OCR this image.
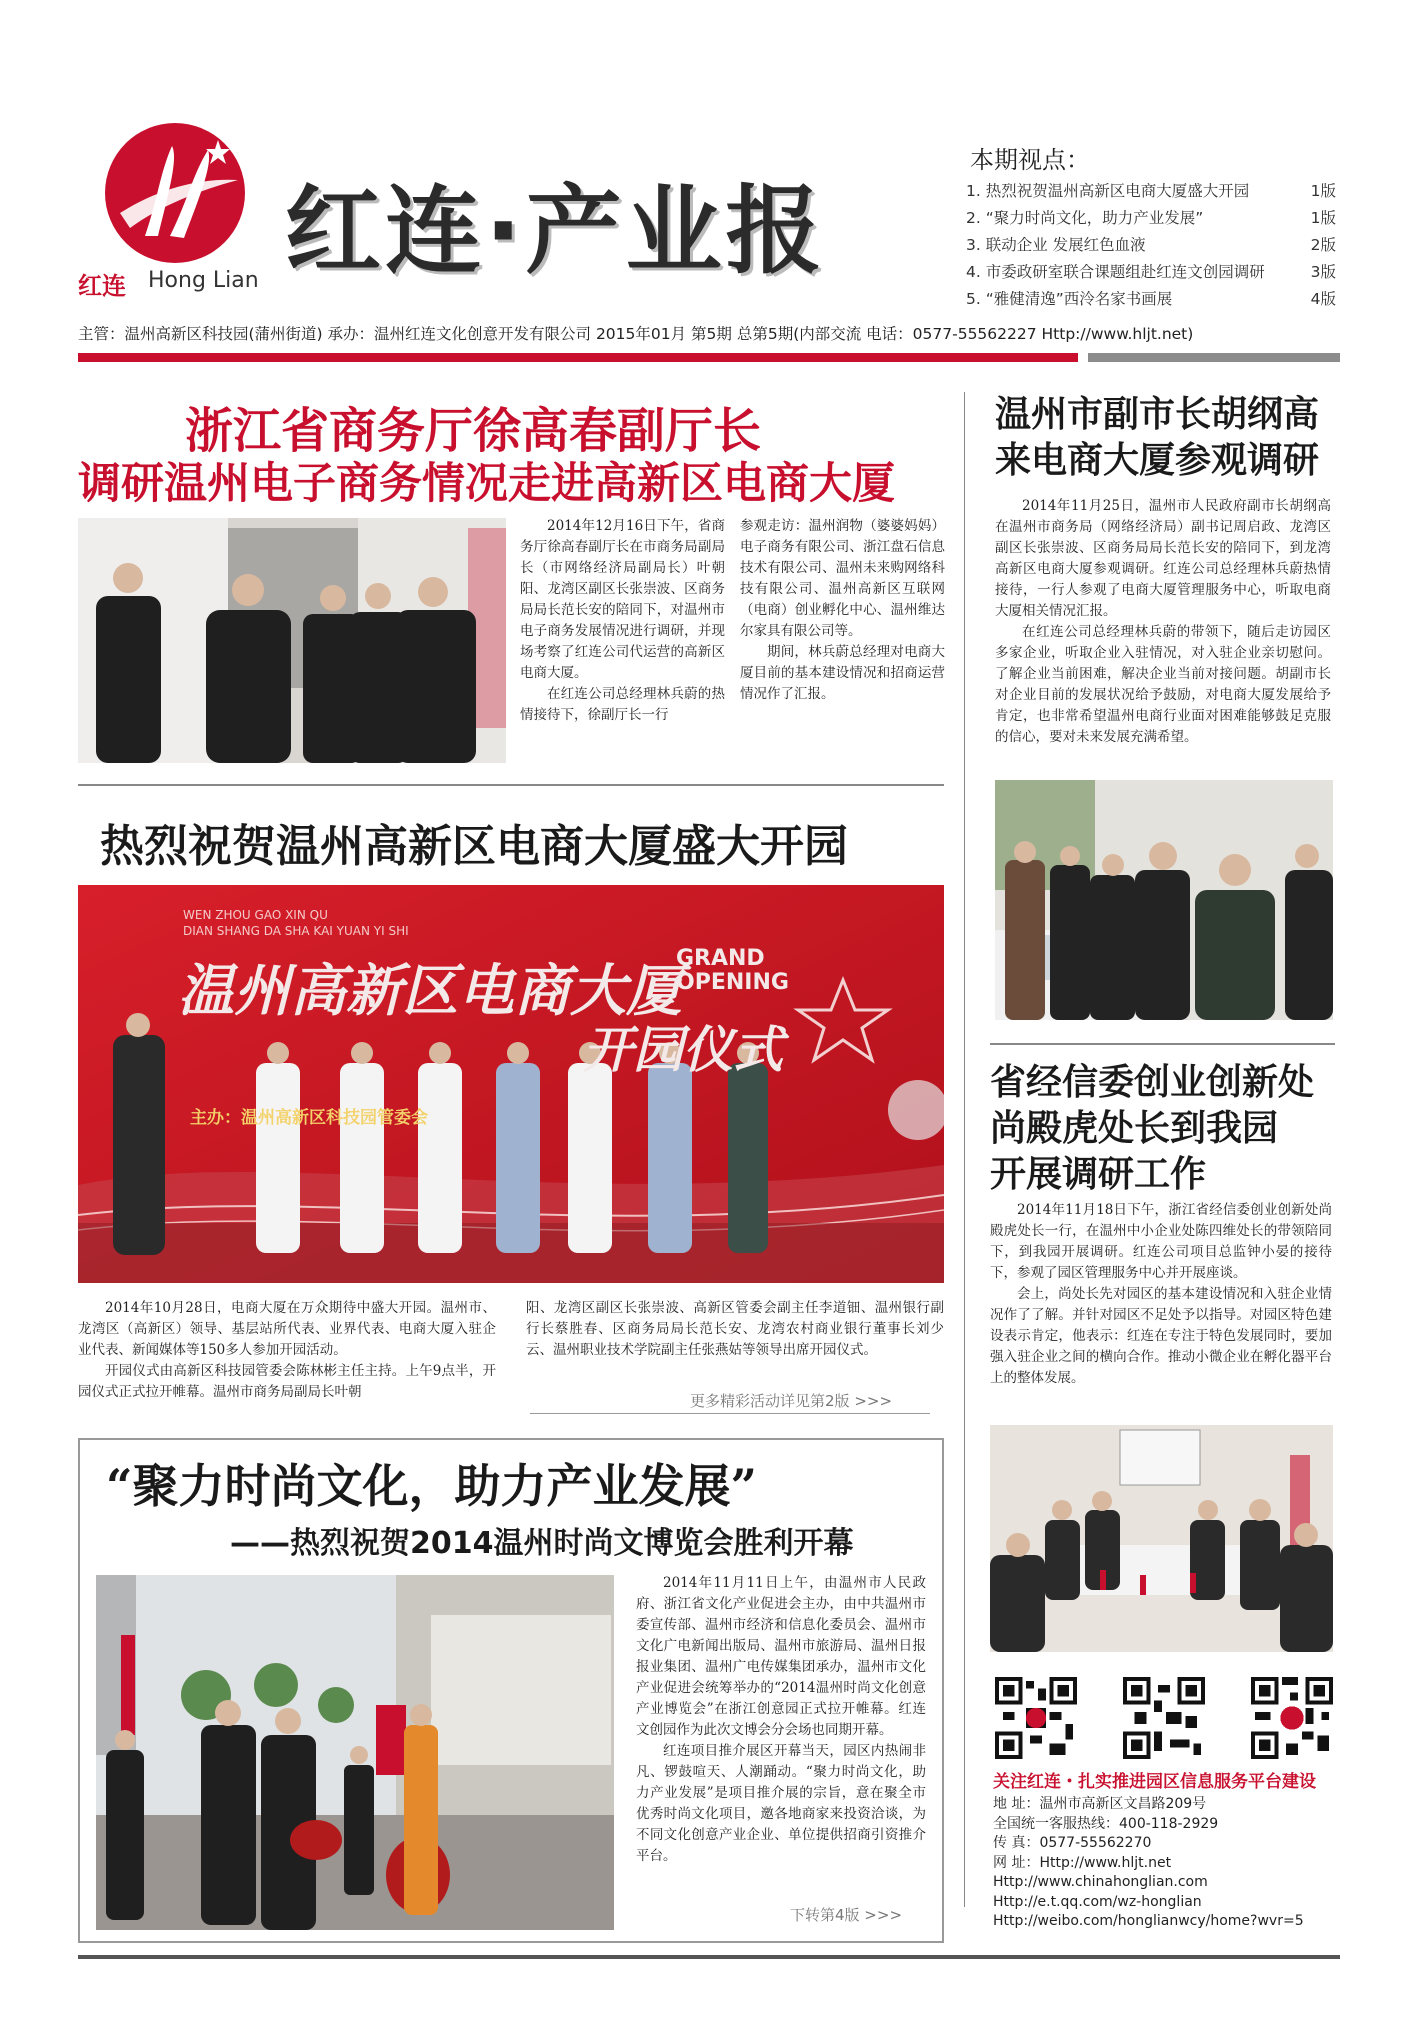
红连 Hong Lian 红连·产业报
本期视点：
1. 热烈祝贺温州高新区电商大厦盛大开园	1版
2. “聚力时尚文化，助力产业发展”	1版
3. 联动企业 发展红色血液	2版
4. 市委政研室联合课题组赴红连文创园调研	3版
5. “雅健清逸”西泠名家书画展	4版
主管：温州高新区科技园(蒲州街道) 承办：温州红连文化创意开发有限公司 2015年01月 第5期 总第5期(内部交流 电话：0577-55562227 Http://www.hljt.net)
浙江省商务厅徐高春副厅长
调研温州电子商务情况走进高新区电商大厦

2014年12月16日下午，省商务厅徐高春副厅长在市商务局副局长（市网络经济局副局长）叶朝阳、龙湾区副区长张崇波、区商务局局长范长安的陪同下，对温州市电子商务发展情况进行调研，并现场考察了红连公司代运营的高新区电商大厦。

在红连公司总经理林兵蔚的热情接待下，徐副厅长一行

参观走访：温州润物（婆婆妈妈）电子商务有限公司、浙江盘石信息技术有限公司、温州未来购网络科技有限公司、温州高新区互联网（电商）创业孵化中心、温州维达尔家具有限公司等。

期间，林兵蔚总经理对电商大厦目前的基本建设情况和招商运营情况作了汇报。

热烈祝贺温州高新区电商大厦盛大开园
WEN ZHOU GAO XIN QU
DIAN SHANG DA SHA KAI YUAN YI SHI
温州高新区电商大厦
GRAND
OPENING
开园仪式
主办：温州高新区科技园管委会

2014年10月28日，电商大厦在万众期待中盛大开园。温州市、龙湾区（高新区）领导、基层站所代表、业界代表、电商大厦入驻企业代表、新闻媒体等150多人参加开园活动。

开园仪式由高新区科技园管委会陈林彬主任主持。上午9点半，开园仪式正式拉开帷幕。温州市商务局副局长叶朝

阳、龙湾区副区长张崇波、高新区管委会副主任李道钿、温州银行副行长蔡胜春、区商务局局长范长安、龙湾农村商业银行董事长刘少云、温州职业技术学院副主任张燕姑等领导出席开园仪式。

更多精彩活动详见第2版 >>>
“聚力时尚文化，助力产业发展”
——热烈祝贺2014温州时尚文博览会胜利开幕

2014年11月11日上午，由温州市人民政府、浙江省文化产业促进会主办，由中共温州市委宣传部、温州市经济和信息化委员会、温州市文化广电新闻出版局、温州市旅游局、温州日报报业集团、温州广电传媒集团承办，温州市文化产业促进会统筹举办的“2014温州时尚文化创意产业博览会”在浙江创意园正式拉开帷幕。红连文创园作为此次文博会分会场也同期开幕。

红连项目推介展区开幕当天，园区内热闹非凡、锣鼓喧天、人潮踊动。“聚力时尚文化，助力产业发展”是项目推介展的宗旨，意在聚全市优秀时尚文化项目，邀各地商家来投资洽谈，为不同文化创意产业企业、单位提供招商引资推介平台。

下转第4版 >>>
温州市副市长胡纲高
来电商大厦参观调研

2014年11月25日，温州市人民政府副市长胡纲高在温州市商务局（网络经济局）副书记周启政、龙湾区副区长张崇波、区商务局局长范长安的陪同下，到龙湾高新区电商大厦参观调研。红连公司总经理林兵蔚热情接待，一行人参观了电商大厦管理服务中心，听取电商大厦相关情况汇报。

在红连公司总经理林兵蔚的带领下，随后走访园区多家企业，听取企业入驻情况，对入驻企业亲切慰问。了解企业当前困难，解决企业当前对接问题。胡副市长对企业目前的发展状况给予鼓励，对电商大厦发展给予肯定，也非常希望温州电商行业面对困难能够鼓足克服的信心，要对未来发展充满希望。

省经信委创业创新处
尚殿虎处长到我园
开展调研工作

2014年11月18日下午，浙江省经信委创业创新处尚殿虎处长一行，在温州中小企业处陈四维处长的带领陪同下，到我园开展调研。红连公司项目总监钟小晏的接待下，参观了园区管理服务中心并开展座谈。

会上，尚处长先对园区的基本建设情况和入驻企业情况作了了解。并针对园区不足处予以指导。对园区特色建设表示肯定，他表示：红连在专注于特色发展同时，要加强入驻企业之间的横向合作。推动小微企业在孵化器平台上的整体发展。

关注红连・扎实推进园区信息服务平台建设
地 址：温州市高新区文昌路209号
全国统一客服热线：400-118-2929
传 真：0577-55562270
网 址：Http://www.hljt.net
Http://www.chinahonglian.com
Http://e.t.qq.com/wz-honglian
Http://weibo.com/honglianwcy/home?wvr=5
